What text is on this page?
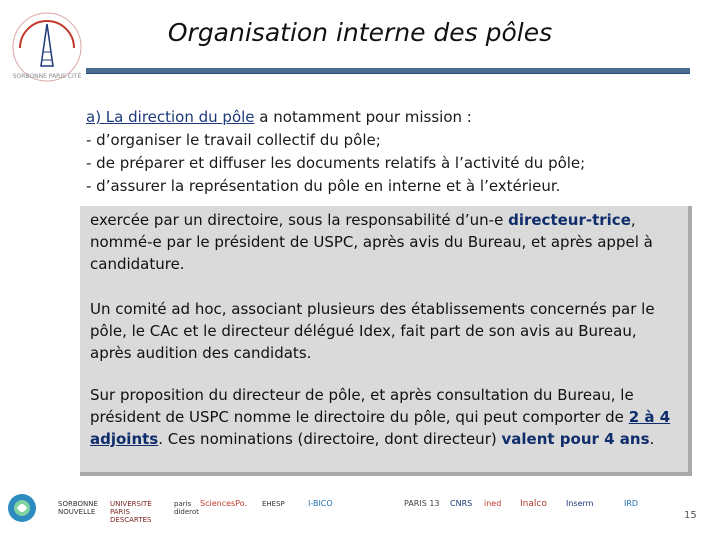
SORBONNE PARIS CITÉ
Organisation interne des pôles
a) La direction du pôle a notamment pour mission :
- d’organiser le travail collectif du pôle;
- de préparer et diffuser les documents relatifs à l’activité du pôle;
- d’assurer la représentation du pôle en interne et à l’extérieur.
exercée par un directoire, sous la responsabilité d’un-e directeur-trice, nommé-e par le président de USPC, après avis du Bureau, et après appel à candidature.
Un comité ad hoc, associant plusieurs des établissements concernés par le pôle, le CAc et le directeur délégué Idex, fait part de son avis au Bureau, après audition des candidats.
Sur proposition du directeur de pôle, et après consultation du Bureau, le président de USPC nomme le directoire du pôle, qui peut comporter de 2 à 4 adjoints. Ces nominations (directoire, dont directeur) valent pour 4 ans.
SORBONNE NOUVELLE
UNIVERSITÉ PARIS DESCARTES
paris diderot
SciencesPo.	EHESP	I-BICO	PARIS 13	CNRS	ined	Inalco	Inserm	IRD
15
